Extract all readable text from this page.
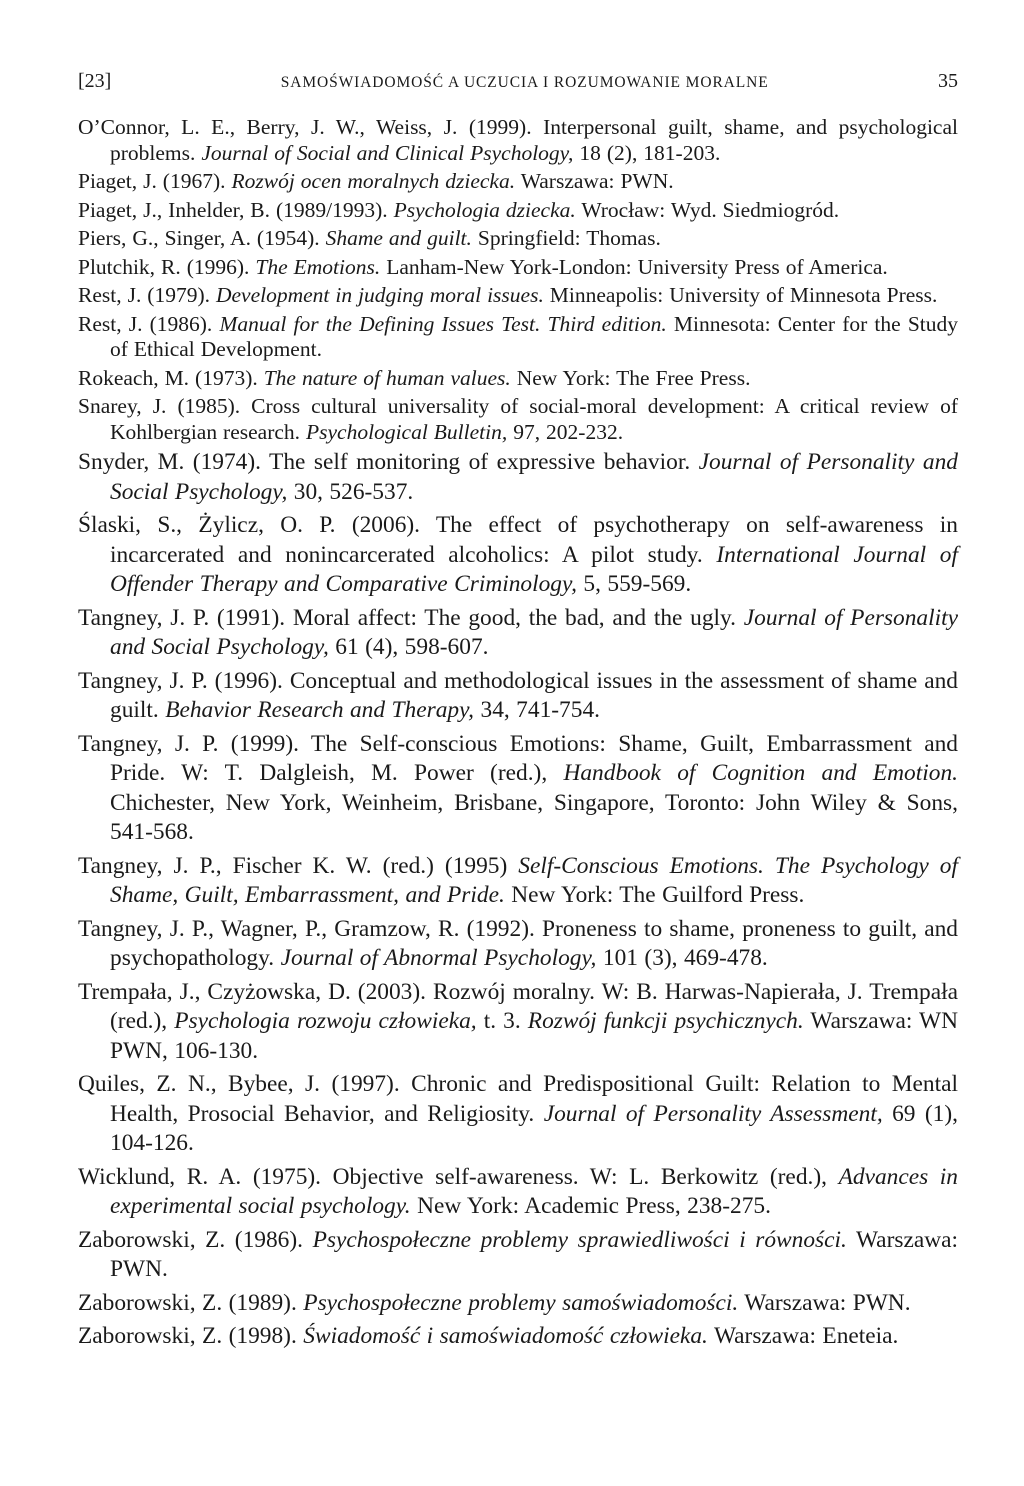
[23]	SAMOŚWIADOMOŚĆ A UCZUCIA I ROZUMOWANIE MORALNE	35
O’Connor, L. E., Berry, J. W., Weiss, J. (1999). Interpersonal guilt, shame, and psychological problems. Journal of Social and Clinical Psychology, 18 (2), 181-203.
Piaget, J. (1967). Rozwój ocen moralnych dziecka. Warszawa: PWN.
Piaget, J., Inhelder, B. (1989/1993). Psychologia dziecka. Wrocław: Wyd. Siedmiogród.
Piers, G., Singer, A. (1954). Shame and guilt. Springfield: Thomas.
Plutchik, R. (1996). The Emotions. Lanham-New York-London: University Press of America.
Rest, J. (1979). Development in judging moral issues. Minneapolis: University of Minnesota Press.
Rest, J. (1986). Manual for the Defining Issues Test. Third edition. Minnesota: Center for the Study of Ethical Development.
Rokeach, M. (1973). The nature of human values. New York: The Free Press.
Snarey, J. (1985). Cross cultural universality of social-moral development: A critical review of Kohlbergian research. Psychological Bulletin, 97, 202-232.
Snyder, M. (1974). The self monitoring of expressive behavior. Journal of Personality and Social Psychology, 30, 526-537.
Ślaski, S., Żylicz, O. P. (2006). The effect of psychotherapy on self-awareness in incarcerated and nonincarcerated alcoholics: A pilot study. International Journal of Offender Therapy and Comparative Criminology, 5, 559-569.
Tangney, J. P. (1991). Moral affect: The good, the bad, and the ugly. Journal of Personality and Social Psychology, 61 (4), 598-607.
Tangney, J. P. (1996). Conceptual and methodological issues in the assessment of shame and guilt. Behavior Research and Therapy, 34, 741-754.
Tangney, J. P. (1999). The Self-conscious Emotions: Shame, Guilt, Embarrassment and Pride. W: T. Dalgleish, M. Power (red.), Handbook of Cognition and Emotion. Chichester, New York, Weinheim, Brisbane, Singapore, Toronto: John Wiley & Sons, 541-568.
Tangney, J. P., Fischer K. W. (red.) (1995) Self-Conscious Emotions. The Psychology of Shame, Guilt, Embarrassment, and Pride. New York: The Guilford Press.
Tangney, J. P., Wagner, P., Gramzow, R. (1992). Proneness to shame, proneness to guilt, and psychopathology. Journal of Abnormal Psychology, 101 (3), 469-478.
Trempała, J., Czyżowska, D. (2003). Rozwój moralny. W: B. Harwas-Napierała, J. Trempała (red.), Psychologia rozwoju człowieka, t. 3. Rozwój funkcji psychicznych. Warszawa: WN PWN, 106-130.
Quiles, Z. N., Bybee, J. (1997). Chronic and Predispositional Guilt: Relation to Mental Health, Prosocial Behavior, and Religiosity. Journal of Personality Assessment, 69 (1), 104-126.
Wicklund, R. A. (1975). Objective self-awareness. W: L. Berkowitz (red.), Advances in experimental social psychology. New York: Academic Press, 238-275.
Zaborowski, Z. (1986). Psychospołeczne problemy sprawiedliwości i równości. Warszawa: PWN.
Zaborowski, Z. (1989). Psychospołeczne problemy samoświadomości. Warszawa: PWN.
Zaborowski, Z. (1998). Świadomość i samoświadomość człowieka. Warszawa: Eneteia.
